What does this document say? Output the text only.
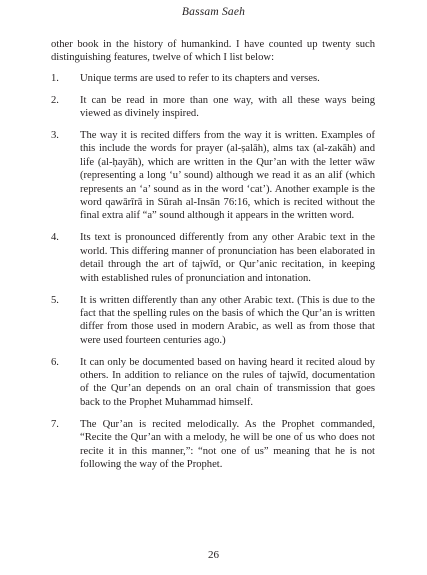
Bassam Saeh

other book in the history of humankind. I have counted up twenty such distinguishing features, twelve of which I list below:

1.	Unique terms are used to refer to its chapters and verses.
2.	It can be read in more than one way, with all these ways being viewed as divinely inspired.
3.	The way it is recited differs from the way it is written. Examples of this include the words for prayer (al-ṣalāh), alms tax (al-zakāh) and life (al-ḥayāh), which are written in the Qur’an with the letter wāw (representing a long ‘u’ sound) although we read it as an alif (which represents an ‘a’ sound as in the word ‘cat’). Another example is the word qawārīrā in Sūrah al-Insān 76:16, which is recited without the final extra alif “a” sound although it appears in the written word.
4.	Its text is pronounced differently from any other Arabic text in the world. This differing manner of pronunciation has been elaborated in detail through the art of tajwīd, or Qur’anic recitation, in keeping with established rules of pronunciation and intonation.
5.	It is written differently than any other Arabic text. (This is due to the fact that the spelling rules on the basis of which the Qur’an is written differ from those used in modern Arabic, as well as from those that were used fourteen centuries ago.)
6.	It can only be documented based on having heard it recited aloud by others. In addition to reliance on the rules of tajwīd, documentation of the Qur’an depends on an oral chain of transmission that goes back to the Prophet Muhammad himself.
7.	The Qur’an is recited melodically. As the Prophet commanded, “Recite the Qur’an with a melody, he will be one of us who does not recite it in this manner,”: “not one of us” meaning that he is not following the way of the Prophet.
26
